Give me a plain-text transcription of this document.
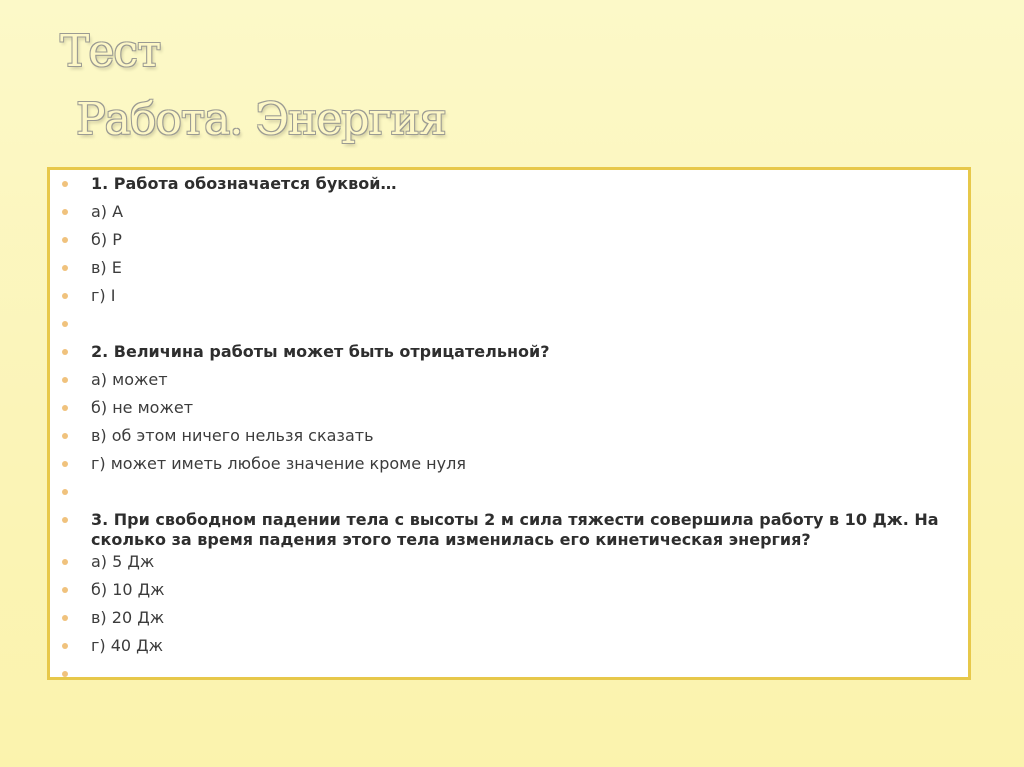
Тест
Работа. Энергия
1. Работа обозначается буквой…
а) А
б) Р
в) Е
г) I
2. Величина работы может быть отрицательной?
а) может
б) не может
в) об этом ничего нельзя сказать
г) может иметь любое значение кроме нуля
3. При свободном падении тела с высоты 2 м сила тяжести совершила работу в 10 Дж. На сколько за время падения этого тела изменилась его кинетическая энергия?
а) 5 Дж
б) 10 Дж
в) 20 Дж
г) 40 Дж
